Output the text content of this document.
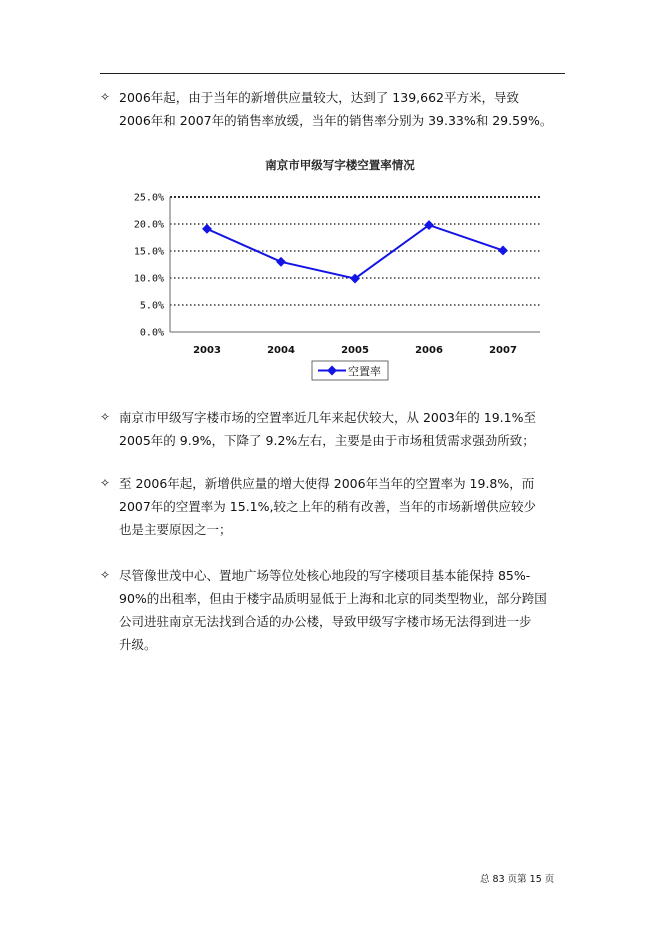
✧ 2006年起，由于当年的新增供应量较大，达到了 139,662平方米，导致
2006年和 2007年的销售率放缓，当年的销售率分别为 39.33%和 29.59%。
南京市甲级写字楼空置率情况
0.0%
5.0%
10.0%
15.0%
20.0%
25.0%
2003	2004	2005	2006	2007
空置率
✧ 南京市甲级写字楼市场的空置率近几年来起伏较大，从 2003年的 19.1%至
2005年的 9.9%，下降了 9.2%左右，主要是由于市场租赁需求强劲所致；
✧ 至 2006年起，新增供应量的增大使得 2006年当年的空置率为 19.8%，而
2007年的空置率为 15.1%,较之上年的稍有改善，当年的市场新增供应较少
也是主要原因之一；
✧ 尽管像世茂中心、置地广场等位处核心地段的写字楼项目基本能保持 85%-
90%的出租率，但由于楼宇品质明显低于上海和北京的同类型物业，部分跨国
公司进驻南京无法找到合适的办公楼，导致甲级写字楼市场无法得到进一步
升级。
总 83 页第 15 页
